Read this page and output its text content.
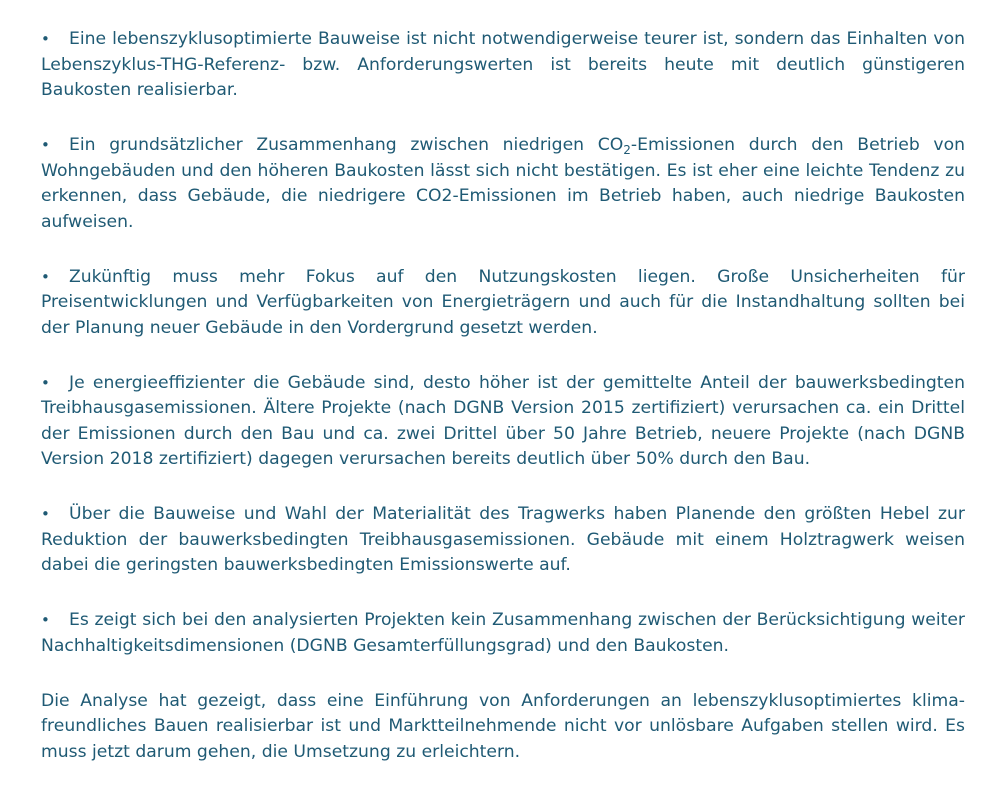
• Eine lebenszyklusoptimierte Bauweise ist nicht notwendigerweise teurer ist, sondern das Einhalten von Lebenszyklus-THG-Referenz- bzw. Anforderungswerten ist bereits heute mit deutlich günstigeren Baukosten realisierbar.

• Ein grundsätzlicher Zusammenhang zwischen niedrigen $CO_2$-Emissionen durch den Betrieb von Wohngebäuden und den höheren Baukosten lässt sich nicht bestätigen. Es ist eher eine leichte Tendenz zu erkennen, dass Gebäude, die niedrigere CO2-Emissionen im Betrieb haben, auch niedrige Baukosten aufweisen.

• Zukünftig muss mehr Fokus auf den Nutzungskosten liegen. Große Unsicherheiten für Preisentwicklungen und Verfügbarkeiten von Energieträgern und auch für die Instandhaltung sollten bei der Planung neuer Gebäude in den Vordergrund gesetzt werden.

• Je energieeffizienter die Gebäude sind, desto höher ist der gemittelte Anteil der bauwerksbedingten Treibhausgasemissionen. Ältere Projekte (nach DGNB Version 2015 zertifiziert) verursachen ca. ein Drittel der Emissionen durch den Bau und ca. zwei Drittel über 50 Jahre Betrieb, neuere Projekte (nach DGNB Version 2018 zertifiziert) dagegen verursachen bereits deutlich über 50% durch den Bau.

• Über die Bauweise und Wahl der Materialität des Tragwerks haben Planende den größten Hebel zur Reduktion der bauwerksbedingten Treibhausgasemissionen. Gebäude mit einem Holztragwerk weisen dabei die geringsten bauwerksbedingten Emissionswerte auf.

• Es zeigt sich bei den analysierten Projekten kein Zusammenhang zwischen der Berücksichtigung weiter Nachhaltigkeitsdimensionen (DGNB Gesamterfüllungsgrad) und den Baukosten.

Die Analyse hat gezeigt, dass eine Einführung von Anforderungen an lebenszyklusoptimiertes klima-freundliches Bauen realisierbar ist und Marktteilnehmende nicht vor unlösbare Aufgaben stellen wird. Es muss jetzt darum gehen, die Umsetzung zu erleichtern.
